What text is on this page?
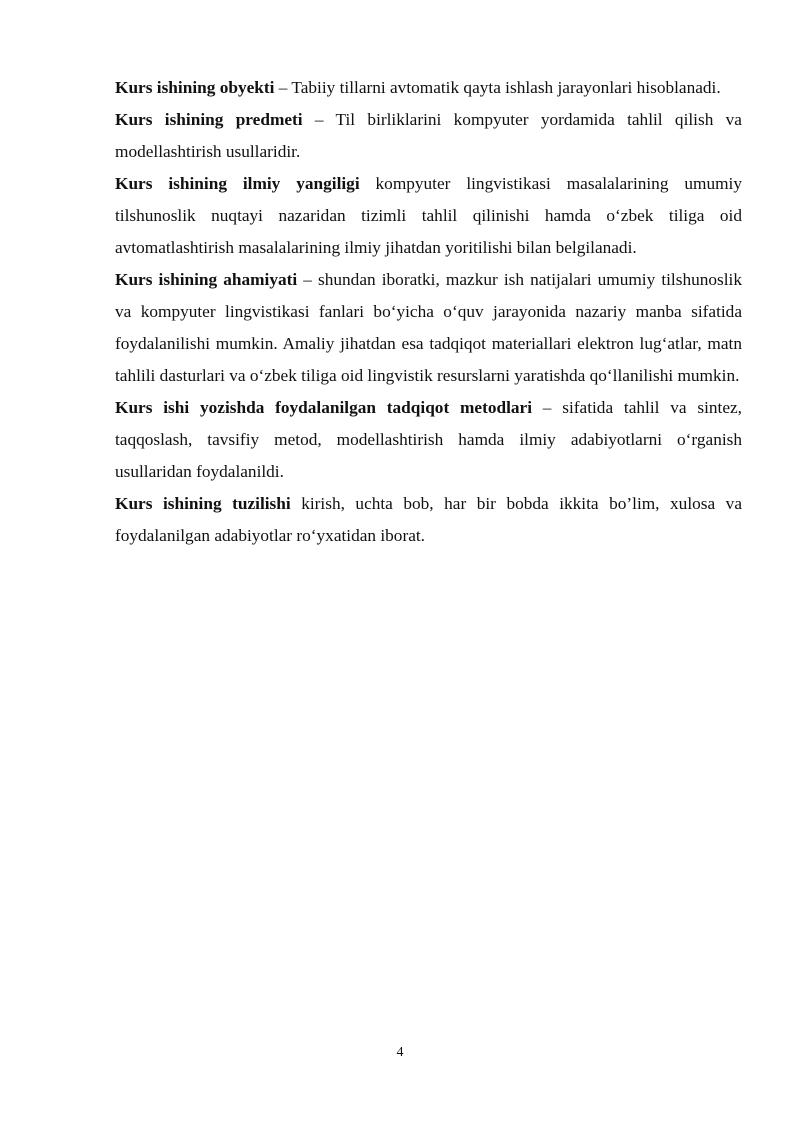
Kurs ishining obyekti – Tabiiy tillarni avtomatik qayta ishlash jarayonlari hisoblanadi.

Kurs ishining predmeti – Til birliklarini kompyuter yordamida tahlil qilish va modellashtirish usullaridir.

Kurs ishining ilmiy yangiligi kompyuter lingvistikasi masalalarining umumiy tilshunoslik nuqtayi nazaridan tizimli tahlil qilinishi hamda o‘zbek tiliga oid avtomatlashtirish masalalarining ilmiy jihatdan yoritilishi bilan belgilanadi.

Kurs ishining ahamiyati – shundan iboratki, mazkur ish natijalari umumiy tilshunoslik va kompyuter lingvistikasi fanlari bo‘yicha o‘quv jarayonida nazariy manba sifatida foydalanilishi mumkin. Amaliy jihatdan esa tadqiqot materiallari elektron lug‘atlar, matn tahlili dasturlari va o‘zbek tiliga oid lingvistik resurslarni yaratishda qo‘llanilishi mumkin.

Kurs ishi yozishda foydalanilgan tadqiqot metodlari – sifatida tahlil va sintez, taqqoslash, tavsifiy metod, modellashtirish hamda ilmiy adabiyotlarni o‘rganish usullaridan foydalanildi.

Kurs ishining tuzilishi kirish, uchta bob, har bir bobda ikkita bo’lim, xulosa va foydalanilgan adabiyotlar ro‘yxatidan iborat.

4
